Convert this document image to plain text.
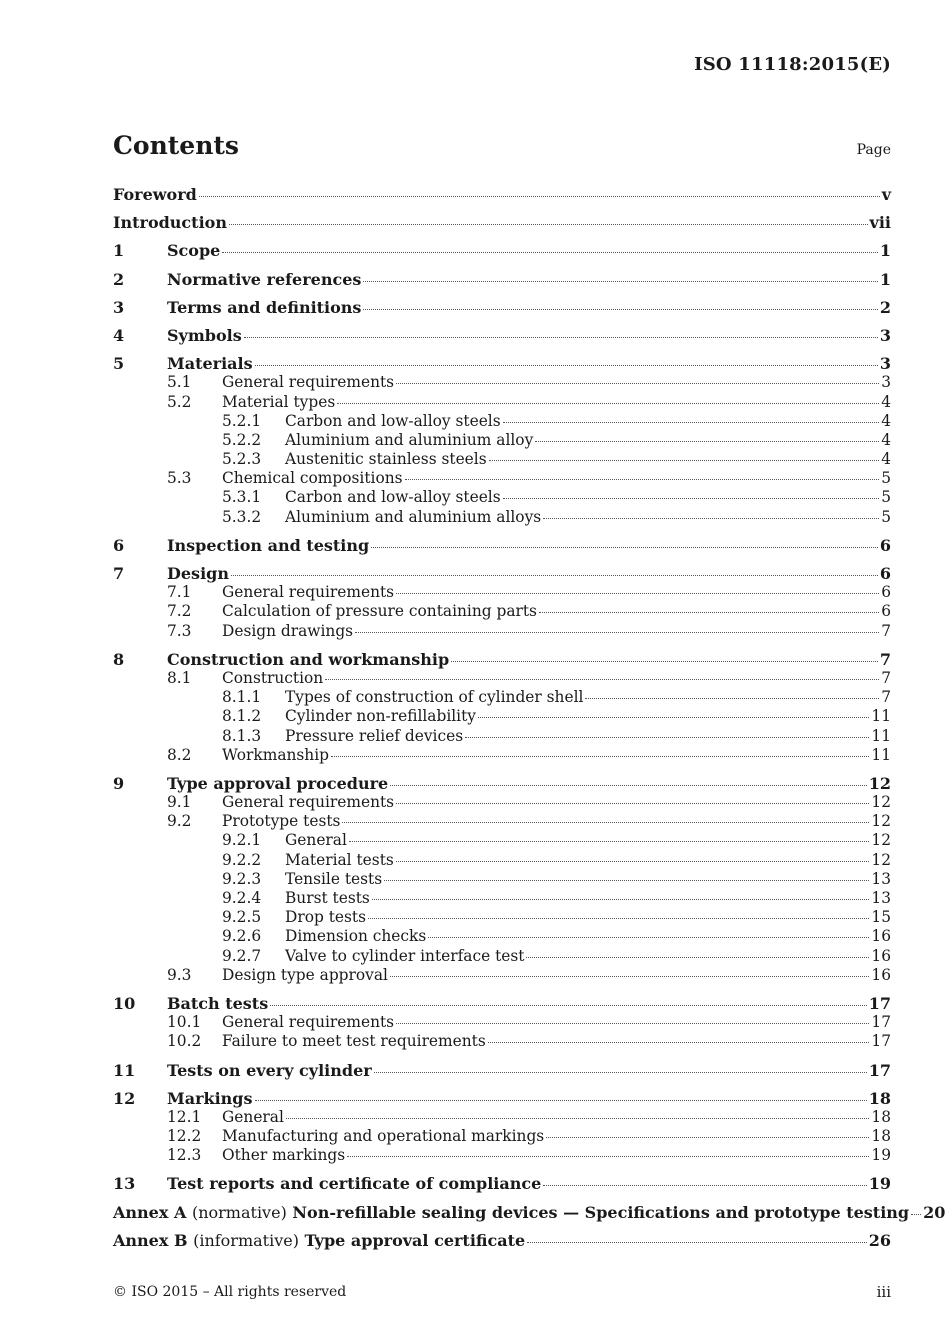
ISO 11118:2015(E)
Contents	Page
Foreword	v
Introduction	vii
1	Scope	1
2	Normative references	1
3	Terms and definitions	2
4	Symbols	3
5	Materials	3
5.1	General requirements	3
5.2	Material types	4
5.2.1	Carbon and low-alloy steels	4
5.2.2	Aluminium and aluminium alloy	4
5.2.3	Austenitic stainless steels	4
5.3	Chemical compositions	5
5.3.1	Carbon and low-alloy steels	5
5.3.2	Aluminium and aluminium alloys	5
6	Inspection and testing	6
7	Design	6
7.1	General requirements	6
7.2	Calculation of pressure containing parts	6
7.3	Design drawings	7
8	Construction and workmanship	7
8.1	Construction	7
8.1.1	Types of construction of cylinder shell	7
8.1.2	Cylinder non-refillability	11
8.1.3	Pressure relief devices	11
8.2	Workmanship	11
9	Type approval procedure	12
9.1	General requirements	12
9.2	Prototype tests	12
9.2.1	General	12
9.2.2	Material tests	12
9.2.3	Tensile tests	13
9.2.4	Burst tests	13
9.2.5	Drop tests	15
9.2.6	Dimension checks	16
9.2.7	Valve to cylinder interface test	16
9.3	Design type approval	16
10	Batch tests	17
10.1	General requirements	17
10.2	Failure to meet test requirements	17
11	Tests on every cylinder	17
12	Markings	18
12.1	General	18
12.2	Manufacturing and operational markings	18
12.3	Other markings	19
13	Test reports and certificate of compliance	19
Annex A (normative) Non-refillable sealing devices — Specifications and prototype testing 20
Annex B (informative) Type approval certificate	26
© ISO 2015 – All rights reserved	iii
